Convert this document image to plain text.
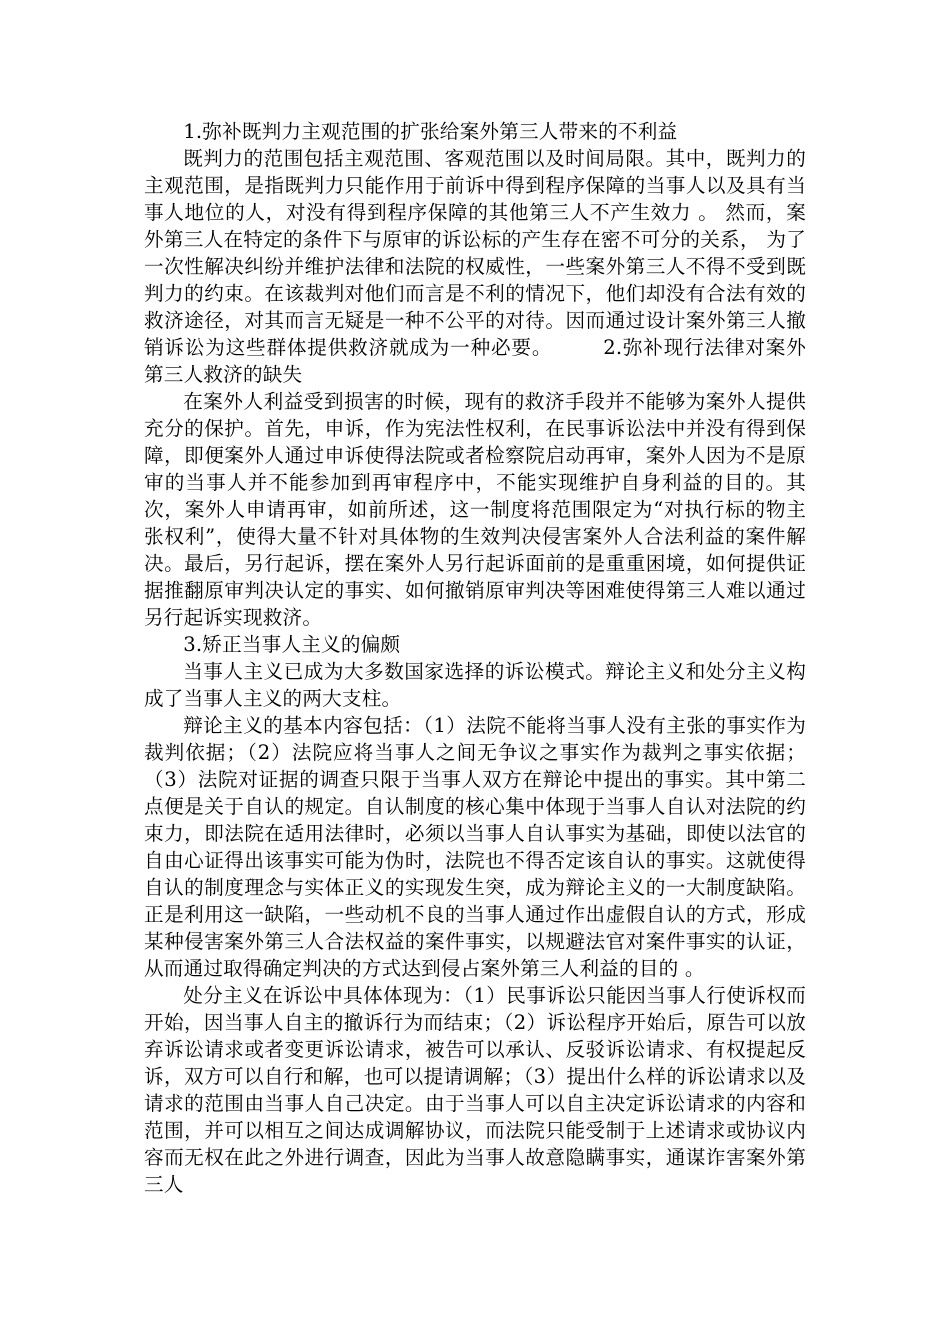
1.弥补既判力主观范围的扩张给案外第三人带来的不利益

既判力的范围包括主观范围、客观范围以及时间局限。其中，既判力的主观范围，是指既判力只能作用于前诉中得到程序保障的当事人以及具有当事人地位的人，对没有得到程序保障的其他第三人不产生效力 。 然而，案外第三人在特定的条件下与原审的诉讼标的产生存在密不可分的关系， 为了一次性解决纠纷并维护法律和法院的权威性，一些案外第三人不得不受到既判力的约束。在该裁判对他们而言是不利的情况下，他们却没有合法有效的救济途径，对其而言无疑是一种不公平的对待。因而通过设计案外第三人撤销诉讼为这些群体提供救济就成为一种必要。	2.弥补现行法律对案外第三人救济的缺失

在案外人利益受到损害的时候，现有的救济手段并不能够为案外人提供充分的保护。首先，申诉，作为宪法性权利，在民事诉讼法中并没有得到保障，即便案外人通过申诉使得法院或者检察院启动再审，案外人因为不是原审的当事人并不能参加到再审程序中，不能实现维护自身利益的目的。其次，案外人申请再审，如前所述，这一制度将范围限定为“对执行标的物主张权利”，使得大量不针对具体物的生效判决侵害案外人合法利益的案件解决。最后，另行起诉，摆在案外人另行起诉面前的是重重困境，如何提供证据推翻原审判决认定的事实、如何撤销原审判决等困难使得第三人难以通过另行起诉实现救济。

3.矫正当事人主义的偏颇

当事人主义已成为大多数国家选择的诉讼模式。辩论主义和处分主义构成了当事人主义的两大支柱。

辩论主义的基本内容包括：（1）法院不能将当事人没有主张的事实作为裁判依据；（2）法院应将当事人之间无争议之事实作为裁判之事实依据；（3）法院对证据的调查只限于当事人双方在辩论中提出的事实。其中第二点便是关于自认的规定。自认制度的核心集中体现于当事人自认对法院的约束力，即法院在适用法律时，必须以当事人自认事实为基础，即使以法官的自由心证得出该事实可能为伪时，法院也不得否定该自认的事实。这就使得自认的制度理念与实体正义的实现发生突，成为辩论主义的一大制度缺陷。正是利用这一缺陷，一些动机不良的当事人通过作出虚假自认的方式，形成某种侵害案外第三人合法权益的案件事实，以规避法官对案件事实的认证，从而通过取得确定判决的方式达到侵占案外第三人利益的目的 。

处分主义在诉讼中具体体现为：（1）民事诉讼只能因当事人行使诉权而开始，因当事人自主的撤诉行为而结束；（2）诉讼程序开始后，原告可以放弃诉讼请求或者变更诉讼请求，被告可以承认、反驳诉讼请求、有权提起反诉，双方可以自行和解，也可以提请调解；（3）提出什么样的诉讼请求以及请求的范围由当事人自己决定。由于当事人可以自主决定诉讼请求的内容和范围，并可以相互之间达成调解协议，而法院只能受制于上述请求或协议内容而无权在此之外进行调查，因此为当事人故意隐瞒事实，通谋诈害案外第三人
